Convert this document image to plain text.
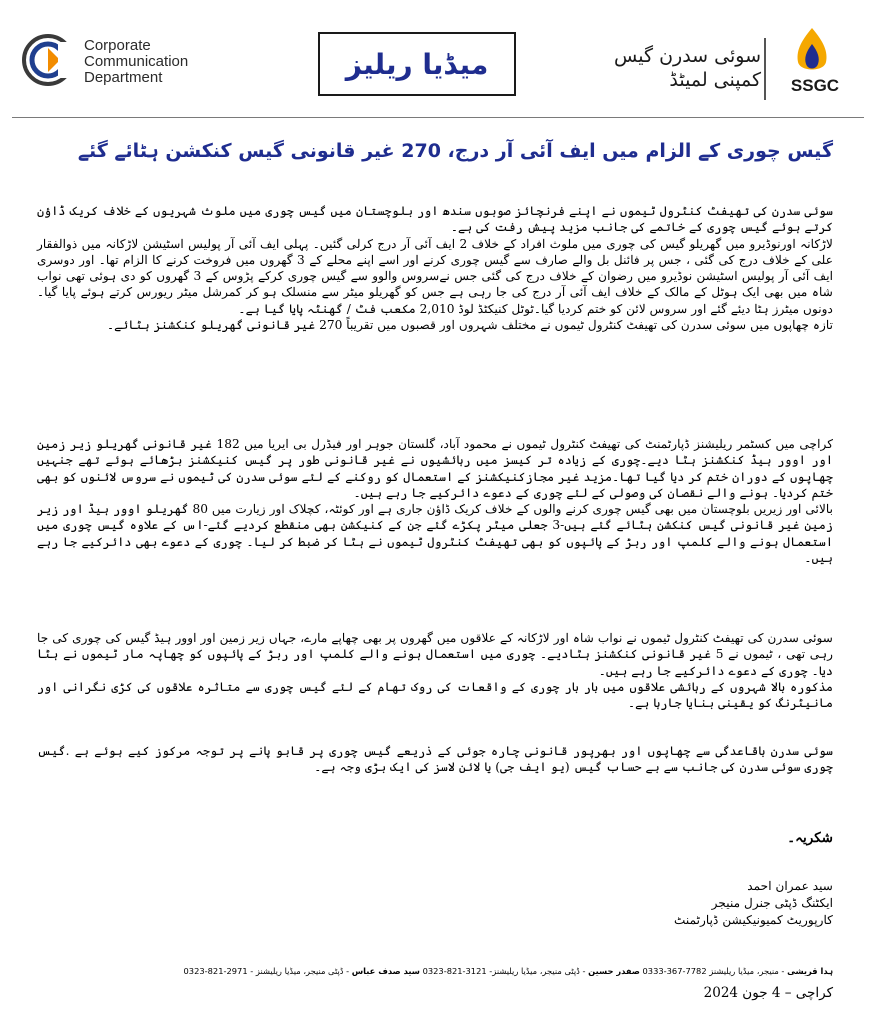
Corporate
Communication
Department	میڈیا ریلیز	سوئی سدرن گیس
کمپنی لمیٹڈ	SSGC
گیس چوری کے الزام میں ایف آئی آر درج، 270 غیر قانونی گیس کنکشن ہٹائے گئے

سوئی سدرن کی تھیفٹ کنٹرول ٹیموں نے اپنے فرنچائز صوبوں سندھ اور بلوچستان میں گیس چوری میں ملوث شہریوں کے خلاف کریک ڈاؤن کرتے ہوئے گیس چوری کے خاتمے کی جانب مزید پیش رفت کی ہے۔

لاڑکانہ اورنوڈیرو میں گھریلو گیس کی چوری میں ملوث افراد کے خلاف 2 ایف آئی آر درج کرلی گئیں۔ پہلی ایف آئی آر پولیس اسٹیشن لاڑکانہ میں ذوالفقار علی کے خلاف درج کی گئی ، جس پر فائنل بل والے صارف سے گیس چوری کرنے اور اسے اپنے محلے کے 3 گھروں میں فروخت کرنے کا الزام تھا۔ اور دوسری ایف آئی آر پولیس اسٹیشن نوڈیرو میں رضوان کے خلاف درج کی گئی جس نےسروس والوو سے گیس چوری کرکے پڑوس کے 3 گھروں کو دی ہوئی تھی نواب شاہ میں بھی ایک ہوٹل کے مالک کے خلاف ایف آئی آر درج کی جا رہی ہے جس کو گھریلو میٹر سے منسلک ہو کر کمرشل میٹر ریورس کرتے ہوئے پایا گیا۔دونوں میٹرز ہٹا دیئے گئے اور سروس لائن کو ختم کردیا گیا۔ٹوٹل کنیکٹڈ لوڈ 2,010 مکعب فٹ / گھنٹہ پایا گیا ہے۔

تازہ چھاپوں میں سوئی سدرن کی تھیفٹ کنٹرول ٹیموں نے مختلف شہروں اور قصبوں میں تقریباً 270 غیر قانونی گھریلو کنکشنز ہٹائے۔

کراچی میں کسٹمر ریلیشنز ڈپارٹمنٹ کی تھیفٹ کنٹرول ٹیموں نے محمود آباد، گلستان جوہر اور فیڈرل بی ایریا میں 182 غیر قانونی گھریلو زیر زمین اور اوور ہیڈ کنکشنز ہٹا دیے۔چوری کے زیادہ تر کیسز میں رہائشیوں نے غیر قانونی طور پر گیس کنیکشنز بڑھائے ہوئے تھے جنہیں چھاپوں کے دوران ختم کر دیا گیا تھا۔مزید غیر مجازکنیکشنز کے استعمال کو روکنے کے لئے سوئی سدرن کی ٹیموں نے سروس لائنوں کو بھی ختم کردیا۔ ہونے والے نقصان کی وصولی کے لئے چوری کے دعوے دائرکیے جا رہے ہیں۔

بالائی اور زیریں بلوچستان میں بھی گیس چوری کرنے والوں کے خلاف کریک ڈاؤن جاری ہے اور کوئٹہ، کچلاک اور زیارت میں 80 گھریلو اوور ہیڈ اور زیر زمین غیر قانونی گیس کنکشن ہٹائے گئے ہیں-3 جعلی میٹر پکڑے گئے جن کے کنیکشن بھی منقطع کردیے گئے-اس کے علاوہ گیس چوری میں استعمال ہونے والے کلمپ اور ربڑ کے پائپوں کو بھی تھیفٹ کنٹرول ٹیموں نے ہٹا کر ضبط کر لیا۔ چوری کے دعوے بھی دائرکیے جا رہے ہیں۔

سوئی سدرن کی تھیفٹ کنٹرول ٹیموں نے نواب شاہ اور لاڑکانہ کے علاقوں میں گھروں پر بھی چھاپے مارے، جہاں زیر زمین اور اوور ہیڈ گیس کی چوری کی جا رہی تھی ، ٹیموں نے 5 غیر قانونی کنکشنز ہٹادیے۔ چوری میں استعمال ہونے والے کلمپ اور ربڑ کے پائپوں کو چھاپہ مار ٹیموں نے ہٹا دیا۔ چوری کے دعوے دائرکیے جا رہے ہیں۔

مذکورہ بالا شہروں کے رہائشی علاقوں میں بار بار چوری کے واقعات کی روک تھام کے لئے گیس چوری سے متاثرہ علاقوں کی کڑی نگرانی اور مانیٹرنگ کو یقینی بنایا جارہا ہے۔

سوئی سدرن باقاعدگی سے چھاپوں اور بھرپور قانونی چارہ جوئی کے ذریعے گیس چوری پر قابو پانے پر توجہ مرکوز کیے ہوئے ہے .گیس چوری سوئی سدرن کی جانب سے بے حساب گیس (یو ایف جی) یا لائن لاسز کی ایک بڑی وجہ ہے۔

شکریہ۔
سید عمران احمد
ایکٹنگ ڈپٹی جنرل منیجر
کارپوریٹ کمیونیکیشن ڈپارٹمنٹ
ہدا قریشی - منیجر، میڈیا ریلیشنز 7782-367-0333 صفدر حسین - ڈپٹی منیجر، میڈیا ریلیشنز- 3121-821-0323 سید صدف عباس - ڈپٹی منیجر، میڈیا ریلیشنز - 2971-821-0323
کراچی – 4 جون 2024
